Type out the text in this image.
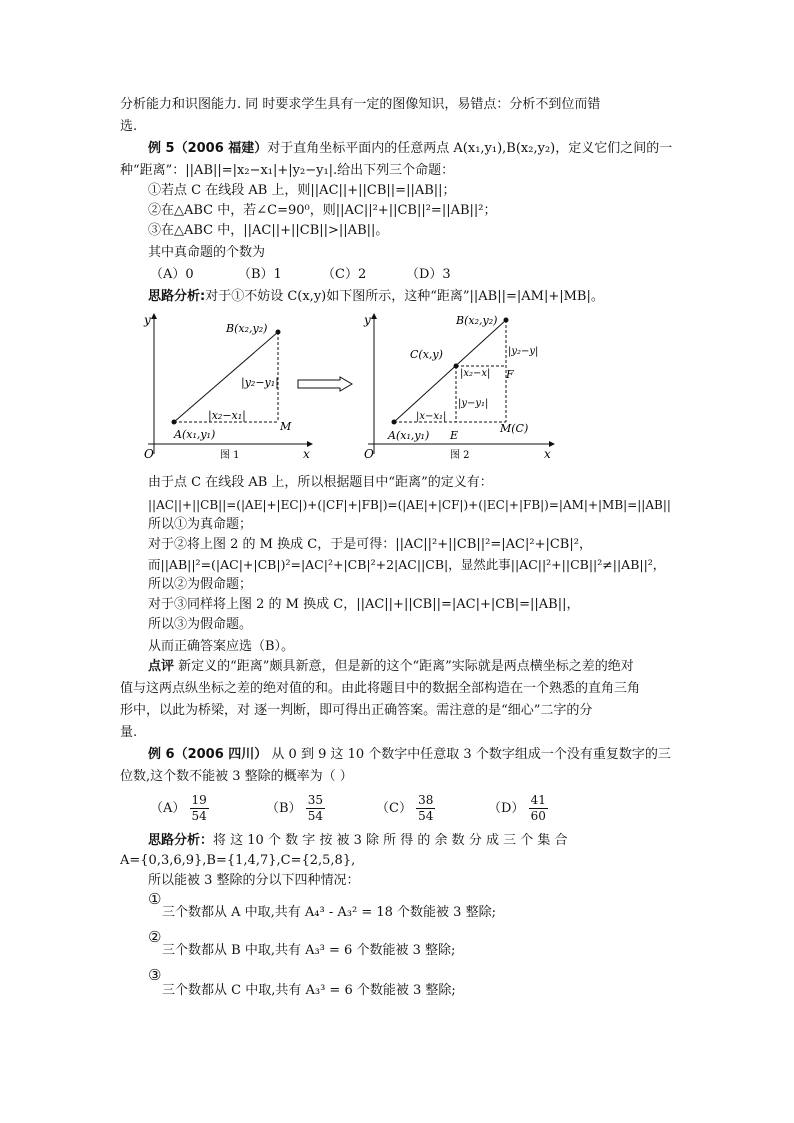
分析能力和识图能力. 同 时要求学生具有一定的图像知识，易错点：分析不到位而错
选.
例 5（2006 福建）对于直角坐标平面内的任意两点 A(x₁,y₁),B(x₂,y₂)，定义它们之间的一
种“距离”：||AB||=|x₂−x₁|+|y₂−y₁|.给出下列三个命题：
①若点 C 在线段 AB 上，则||AC||+||CB||=||AB||；
②在△ABC 中，若∠C=90⁰，则||AC||²+||CB||²=||AB||²；
③在△ABC 中，||AC||+||CB||>||AB||。
其中真命题的个数为
（A）0	（B）1	（C）2	（D）3
思路分析:对于①不妨设 C(x,y)如下图所示，这种“距离”||AB||=|AM|+|MB|。
y
x
O
B(x₂,y₂)
A(x₁,y₁)
M
|y₂−y₁|
|x₂−x₁|
图 1
y
x
O
B(x₂,y₂)
C(x,y)
A(x₁,y₁) E
F
M(C)
|y₂−y|
|x₂−x|
|y−y₁|
|x−x₁|
图 2
由于点 C 在线段 AB 上，所以根据题目中“距离”的定义有：
||AC||+||CB||=(|AE|+|EC|)+(|CF|+|FB|)=(|AE|+|CF|)+(|EC|+|FB|)=|AM|+|MB|=||AB||
所以①为真命题；
对于②将上图 2 的 M 换成 C，于是可得：||AC||²+||CB||²=|AC|²+|CB|²，
而||AB||²=(|AC|+|CB|)²=|AC|²+|CB|²+2|AC||CB|，显然此事||AC||²+||CB||²≠||AB||²，
所以②为假命题；
对于③同样将上图 2 的 M 换成 C，||AC||+||CB||=|AC|+|CB|=||AB||，
所以③为假命题。
从而正确答案应选（B）。
点评 新定义的“距离”颇具新意，但是新的这个“距离”实际就是两点横坐标之差的绝对
值与这两点纵坐标之差的绝对值的和。由此将题目中的数据全部构造在一个熟悉的直角三角
形中，以此为桥梁，对 逐一判断，即可得出正确答案。需注意的是“细心”二字的分
量.
例 6（2006 四川） 从 0 到 9 这 10 个数字中任意取 3 个数字组成一个没有重复数字的三
位数,这个数不能被 3 整除的概率为（ ）
$(A) \frac{19}{54}$	$(B) \frac{35}{54}$	$(C) \frac{38}{54}$	$(D) \frac{41}{60}$
思路分析：将 这 10 个 数 字 按 被 3 除 所 得 的 余 数 分 成 三 个 集 合
A={0,3,6,9},B={1,4,7},C={2,5,8},
所以能被 3 整除的分以下四种情况：
①
三个数都从 A 中取,共有 A₄³ - A₃² = 18 个数能被 3 整除;
②
三个数都从 B 中取,共有 A₃³ = 6 个数能被 3 整除;
③
三个数都从 C 中取,共有 A₃³ = 6 个数能被 3 整除;
